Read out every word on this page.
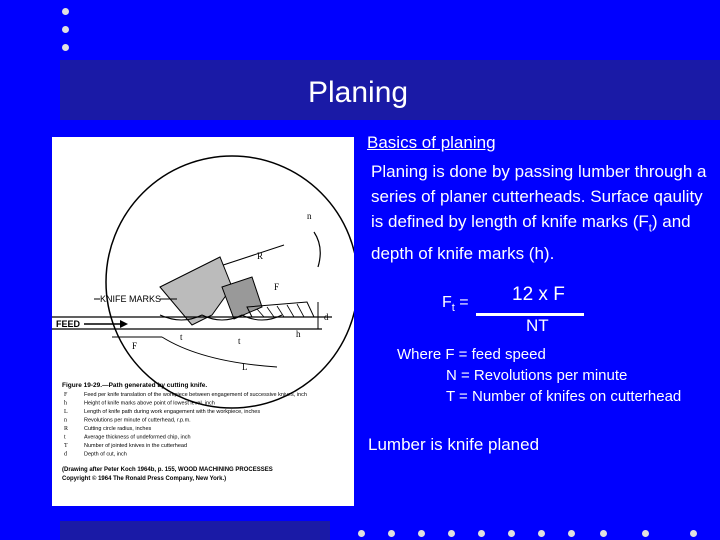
Planing
R
n
d
KNIFE MARKS
F
h
FEED
F
t	t
L
Figure 19-29.—Path generated by cutting knife.
F	Feed per knife translation of the workpiece between engagement of successive knives, inch
h	Height of knife marks above point of lowest level, inch
L	Length of knife path during work engagement with the workpiece, inches
n	Revolutions per minute of cutterhead, r.p.m.
R	Cutting circle radius, inches
t	Average thickness of undeformed chip, inch
T	Number of jointed knives in the cutterhead
d	Depth of cut, inch
(Drawing after Peter Koch 1964b, p. 155, WOOD MACHINING PROCESSES Copyright © 1964 The Ronald Press Company, New York.)
Basics of planing
Planing is done by passing lumber through a series of planer cutterheads. Surface qaulity is defined by length of knife marks $(F_t)$ and depth of knife marks (h).
$F_t = 12$ x F
NT
Where F = feed speed
N = Revolutions per minute
T = Number of knifes on cutterhead
Lumber is knife planed
